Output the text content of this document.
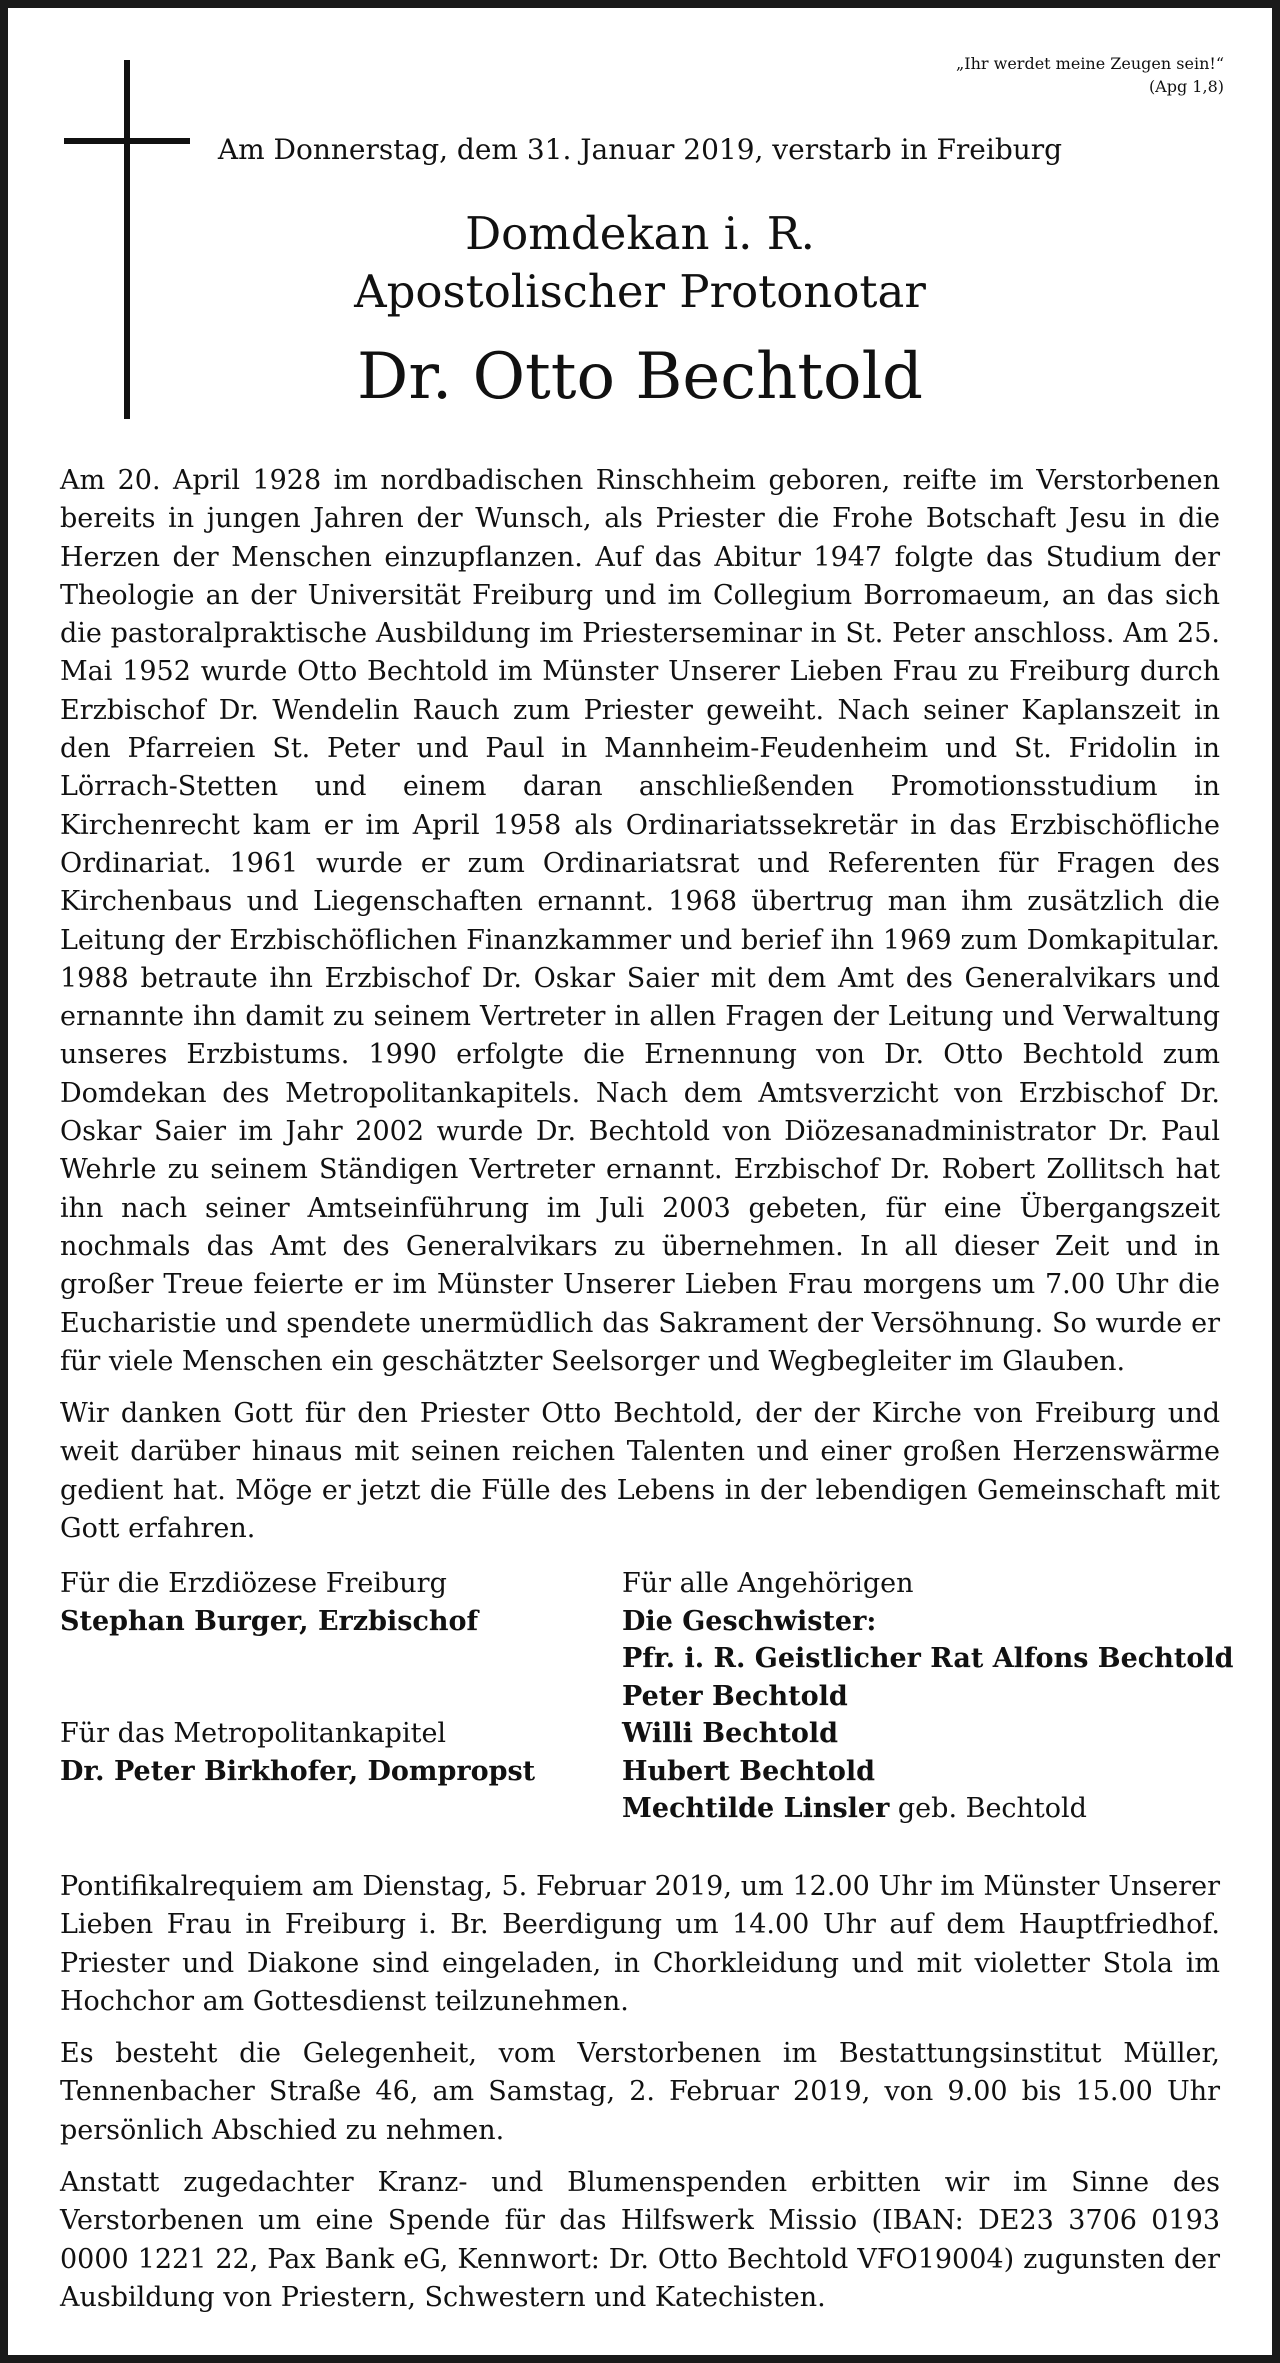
„Ihr werdet meine Zeugen sein!“
(Apg 1,8)
Am Donnerstag, dem 31. Januar 2019, verstarb in Freiburg
Domdekan i. R.
Apostolischer Protonotar
Dr. Otto Bechtold

Am 20. April 1928 im nordbadischen Rinschheim geboren, reifte im Verstorbenen bereits in jungen Jahren der Wunsch, als Priester die Frohe Botschaft Jesu in die Herzen der Menschen einzupflanzen. Auf das Abitur 1947 folgte das Studium der Theologie an der Universität Freiburg und im Collegium Borromaeum, an das sich die pastoralpraktische Ausbildung im Priesterseminar in St. Peter anschloss. Am 25. Mai 1952 wurde Otto Bechtold im Münster Unserer Lieben Frau zu Freiburg durch Erzbischof Dr. Wendelin Rauch zum Priester geweiht. Nach seiner Kaplanszeit in den Pfarreien St. Peter und Paul in Mannheim-Feudenheim und St. Fridolin in Lörrach-Stetten und einem daran anschließenden Promotionsstudium in Kirchenrecht kam er im April 1958 als Ordinariatssekretär in das Erzbischöfliche Ordinariat. 1961 wurde er zum Ordinariatsrat und Referenten für Fragen des Kirchenbaus und Liegenschaften ernannt. 1968 übertrug man ihm zusätzlich die Leitung der Erzbischöflichen Finanzkammer und berief ihn 1969 zum Domkapitular. 1988 betraute ihn Erzbischof Dr. Oskar Saier mit dem Amt des Generalvikars und ernannte ihn damit zu seinem Vertreter in allen Fragen der Leitung und Verwaltung unseres Erzbistums. 1990 erfolgte die Ernennung von Dr. Otto Bechtold zum Domdekan des Metropolitankapitels. Nach dem Amtsverzicht von Erzbischof Dr. Oskar Saier im Jahr 2002 wurde Dr. Bechtold von Diözesanadministrator Dr. Paul Wehrle zu seinem Ständigen Vertreter ernannt. Erzbischof Dr. Robert Zollitsch hat ihn nach seiner Amtseinführung im Juli 2003 gebeten, für eine Übergangszeit nochmals das Amt des Generalvikars zu übernehmen. In all dieser Zeit und in großer Treue feierte er im Münster Unserer Lieben Frau morgens um 7.00 Uhr die Eucharistie und spendete unermüdlich das Sakrament der Versöhnung. So wurde er für viele Menschen ein geschätzter Seelsorger und Wegbegleiter im Glauben.

Wir danken Gott für den Priester Otto Bechtold, der der Kirche von Freiburg und weit darüber hinaus mit seinen reichen Talenten und einer großen Herzenswärme gedient hat. Möge er jetzt die Fülle des Lebens in der lebendigen Gemeinschaft mit Gott erfahren.

Für die Erzdiözese Freiburg
Stephan Burger, Erzbischof
Für das Metropolitankapitel
Dr. Peter Birkhofer, Dompropst
Für alle Angehörigen
Die Geschwister:
Pfr. i. R. Geistlicher Rat Alfons Bechtold
Peter Bechtold
Willi Bechtold
Hubert Bechtold
Mechtilde Linsler geb. Bechtold

Pontifikalrequiem am Dienstag, 5. Februar 2019, um 12.00 Uhr im Münster Unserer Lieben Frau in Freiburg i. Br. Beerdigung um 14.00 Uhr auf dem Hauptfriedhof. Priester und Diakone sind eingeladen, in Chorkleidung und mit violetter Stola im Hochchor am Gottesdienst teilzunehmen.

Es besteht die Gelegenheit, vom Verstorbenen im Bestattungsinstitut Müller, Tennenbacher Straße 46, am Samstag, 2. Februar 2019, von 9.00 bis 15.00 Uhr persönlich Abschied zu nehmen.

Anstatt zugedachter Kranz- und Blumenspenden erbitten wir im Sinne des Verstorbenen um eine Spende für das Hilfswerk Missio (IBAN: DE23 3706 0193 0000 1221 22, Pax Bank eG, Kennwort: Dr. Otto Bechtold VFO19004) zugunsten der Ausbildung von Priestern, Schwestern und Katechisten.
